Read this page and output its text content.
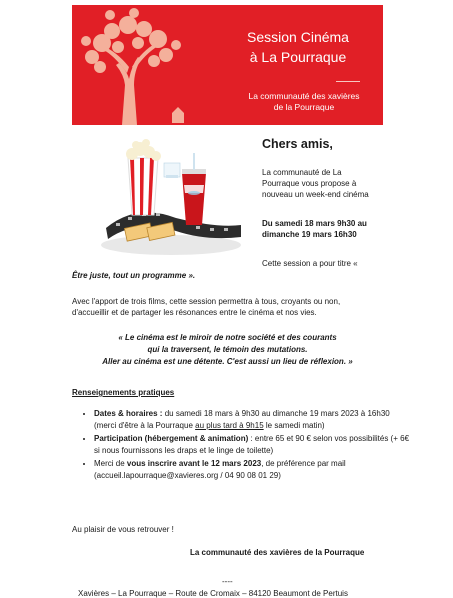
Session Cinéma
à La Pourraque
La communauté des xavières
de la Pourraque
Chers amis,
La communauté de La
Pourraque vous propose à
nouveau un week-end cinéma
Du samedi 18 mars 9h30 au
dimanche 19 mars 16h30
Cette session a pour titre «
Être juste, tout un programme ».
Avec l'apport de trois films, cette session permettra à tous, croyants ou non,
d'accueillir et de partager les résonances entre le cinéma et nos vies.
« Le cinéma est le miroir de notre société et des courants
qui la traversent, le témoin des mutations.
Aller au cinéma est une détente. C'est aussi un lieu de réflexion. »
Renseignements pratiques
• Dates & horaires : du samedi 18 mars à 9h30 au dimanche 19 mars 2023 à 16h30 (merci d'être à la Pourraque au plus tard à 9h15 le samedi matin)
• Participation (hébergement & animation) : entre 65 et 90 € selon vos possibilités (+ 6€ si nous fournissons les draps et le linge de toilette)
• Merci de vous inscrire avant le 12 mars 2023, de préférence par mail (accueil.lapourraque@xavieres.org / 04 90 08 01 29)
Au plaisir de vous retrouver !
La communauté des xavières de la Pourraque
----
Xavières – La Pourraque – Route de Cromaix – 84120 Beaumont de Pertuis
